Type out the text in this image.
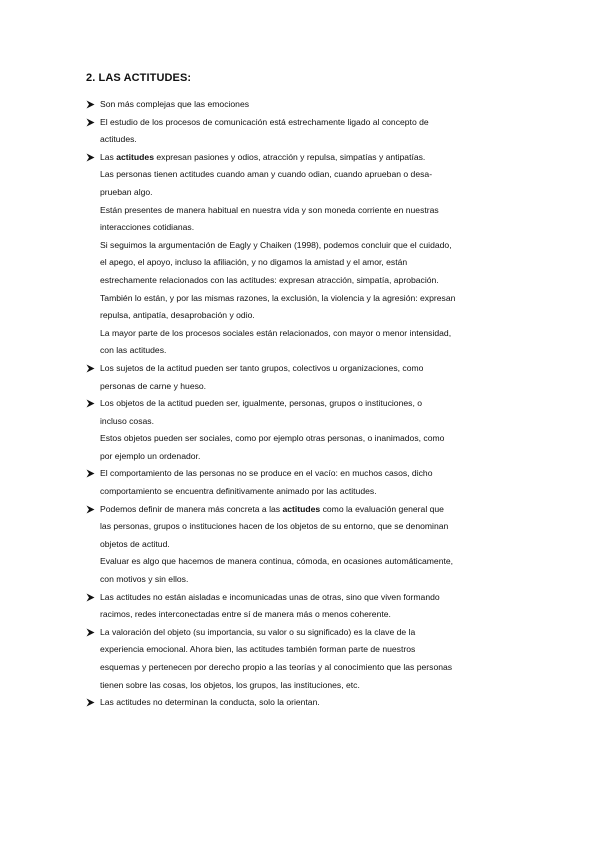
2. LAS ACTITUDES:
Son más complejas que las emociones
El estudio de los procesos de comunicación está estrechamente ligado al concepto de
actitudes.
Las actitudes expresan pasiones y odios, atracción y repulsa, simpatías y antipatías.
Las personas tienen actitudes cuando aman y cuando odian, cuando aprueban o desa-
prueban algo.
Están presentes de manera habitual en nuestra vida y son moneda corriente en nuestras
interacciones cotidianas.
Si seguimos la argumentación de Eagly y Chaiken (1998), podemos concluir que el cuidado,
el apego, el apoyo, incluso la afiliación, y no digamos la amistad y el amor, están
estrechamente relacionados con las actitudes: expresan atracción, simpatía, aprobación.
También lo están, y por las mismas razones, la exclusión, la violencia y la agresión: expresan
repulsa, antipatía, desaprobación y odio.
La mayor parte de los procesos sociales están relacionados, con mayor o menor intensidad,
con las actitudes.
Los sujetos de la actitud pueden ser tanto grupos, colectivos u organizaciones, como
personas de carne y hueso.
Los objetos de la actitud pueden ser, igualmente, personas, grupos o instituciones, o
incluso cosas.
Estos objetos pueden ser sociales, como por ejemplo otras personas, o inanimados, como
por ejemplo un ordenador.
El comportamiento de las personas no se produce en el vacío: en muchos casos, dicho
comportamiento se encuentra definitivamente animado por las actitudes.
Podemos definir de manera más concreta a las actitudes como la evaluación general que
las personas, grupos o instituciones hacen de los objetos de su entorno, que se denominan
objetos de actitud.
Evaluar es algo que hacemos de manera continua, cómoda, en ocasiones automáticamente,
con motivos y sin ellos.
Las actitudes no están aisladas e incomunicadas unas de otras, sino que viven formando
racimos, redes interconectadas entre sí de manera más o menos coherente.
La valoración del objeto (su importancia, su valor o su significado) es la clave de la
experiencia emocional. Ahora bien, las actitudes también forman parte de nuestros
esquemas y pertenecen por derecho propio a las teorías y al conocimiento que las personas
tienen sobre las cosas, los objetos, los grupos, las instituciones, etc.
Las actitudes no determinan la conducta, solo la orientan.
